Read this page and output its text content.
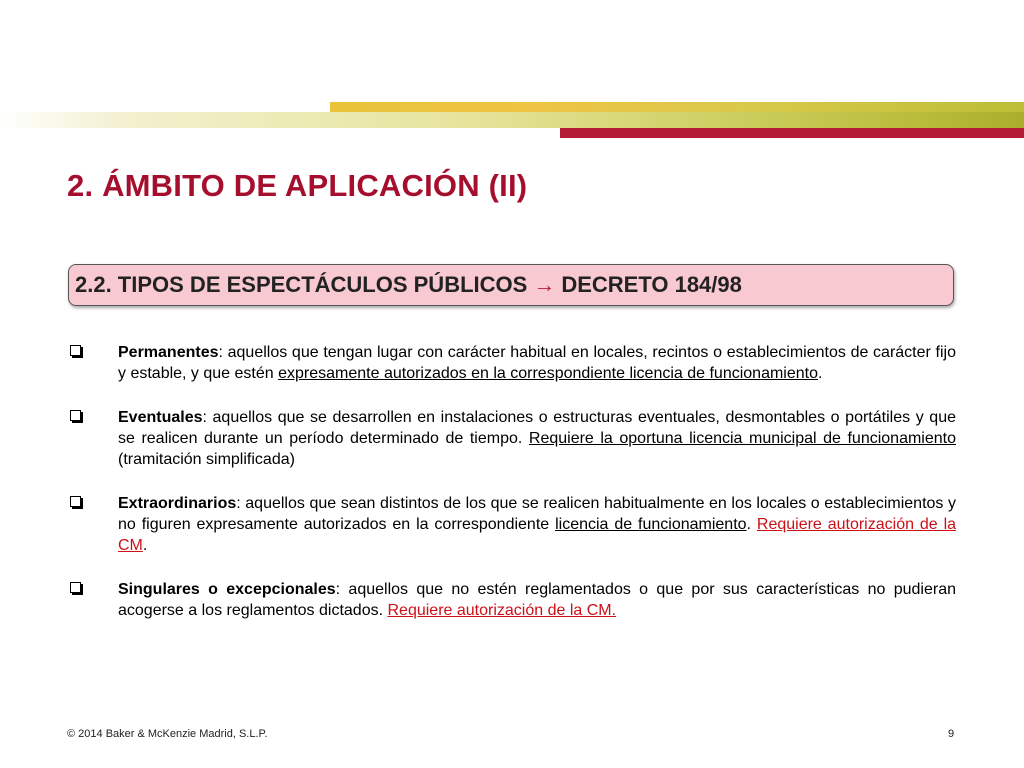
2. ÁMBITO DE APLICACIÓN (II)
2.2. TIPOS DE ESPECTÁCULOS PÚBLICOS → DECRETO 184/98
Permanentes: aquellos que tengan lugar con carácter habitual en locales, recintos o establecimientos de carácter fijo y estable, y que estén expresamente autorizados en la correspondiente licencia de funcionamiento.
Eventuales: aquellos que se desarrollen en instalaciones o estructuras eventuales, desmontables o portátiles y que se realicen durante un período determinado de tiempo. Requiere la oportuna licencia municipal de funcionamiento (tramitación simplificada)
Extraordinarios: aquellos que sean distintos de los que se realicen habitualmente en los locales o establecimientos y no figuren expresamente autorizados en la correspondiente licencia de funcionamiento. Requiere autorización de la CM.
Singulares o excepcionales: aquellos que no estén reglamentados o que por sus características no pudieran acogerse a los reglamentos dictados. Requiere autorización de la CM.
© 2014 Baker & McKenzie Madrid, S.L.P.	9
